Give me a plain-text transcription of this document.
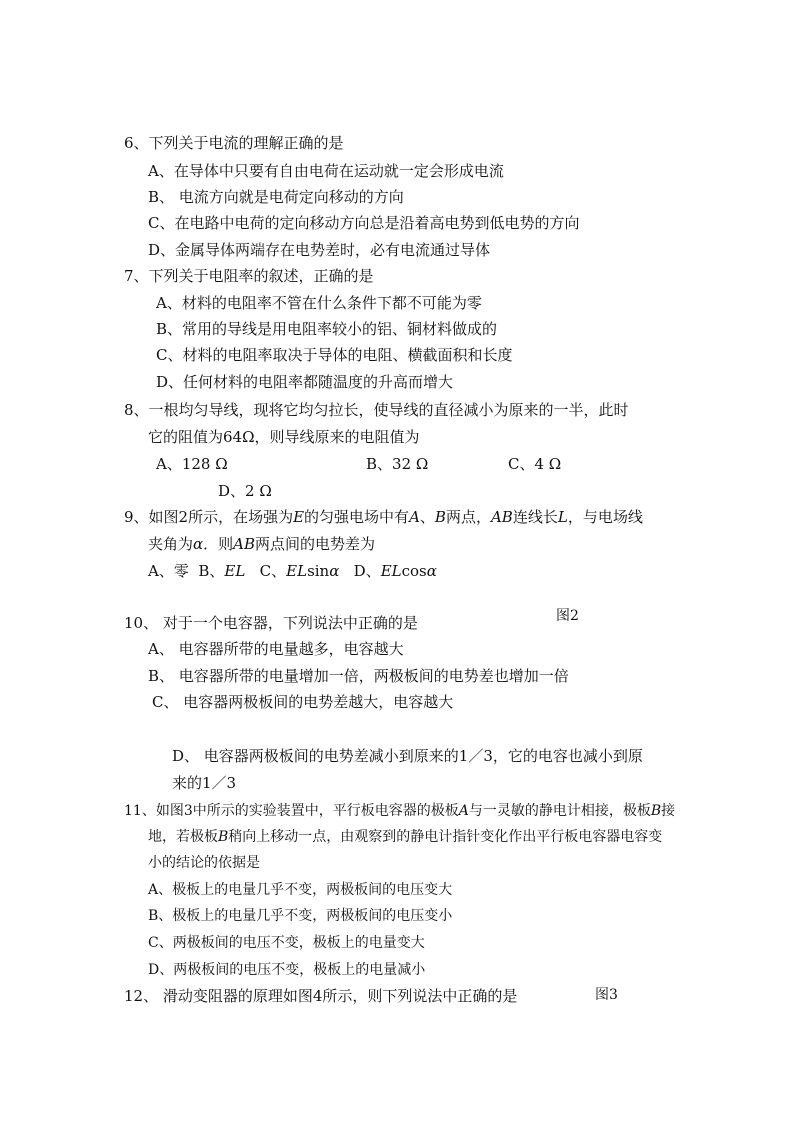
6、下列关于电流的理解正确的是
A、在导体中只要有自由电荷在运动就一定会形成电流
B、 电流方向就是电荷定向移动的方向
C、在电路中电荷的定向移动方向总是沿着高电势到低电势的方向
D、金属导体两端存在电势差时，必有电流通过导体
7、下列关于电阻率的叙述，正确的是
A、材料的电阻率不管在什么条件下都不可能为零
B、常用的导线是用电阻率较小的铝、铜材料做成的
C、材料的电阻率取决于导体的电阻、横截面积和长度
D、任何材料的电阻率都随温度的升高而增大
8、一根均匀导线，现将它均匀拉长，使导线的直径减小为原来的一半，此时
它的阻值为64Ω，则导线原来的电阻值为
A、128 Ω	B、32 Ω	C、4 Ω
D、2 Ω
9、如图2所示，在场强为E的匀强电场中有A、B两点，AB连线长L，与电场线
夹角为α．则AB两点间的电势差为
A、零 B、EL C、ELsinα D、ELcosα
图2
10、 对于一个电容器，下列说法中正确的是
A、 电容器所带的电量越多，电容越大
B、 电容器所带的电量增加一倍，两极板间的电势差也增加一倍
C、 电容器两极板间的电势差越大，电容越大
D、 电容器两极板间的电势差减小到原来的1／3，它的电容也减小到原
来的1／3
11、如图3中所示的实验装置中，平行板电容器的极板A与一灵敏的静电计相接，极板B接
地，若极板B稍向上移动一点，由观察到的静电计指针变化作出平行板电容器电容变
小的结论的依据是
A、极板上的电量几乎不变，两极板间的电压变大
B、极板上的电量几乎不变，两极板间的电压变小
C、两极板间的电压不变，极板上的电量变大
D、两极板间的电压不变，极板上的电量减小
12、 滑动变阻器的原理如图4所示，则下列说法中正确的是	图3
